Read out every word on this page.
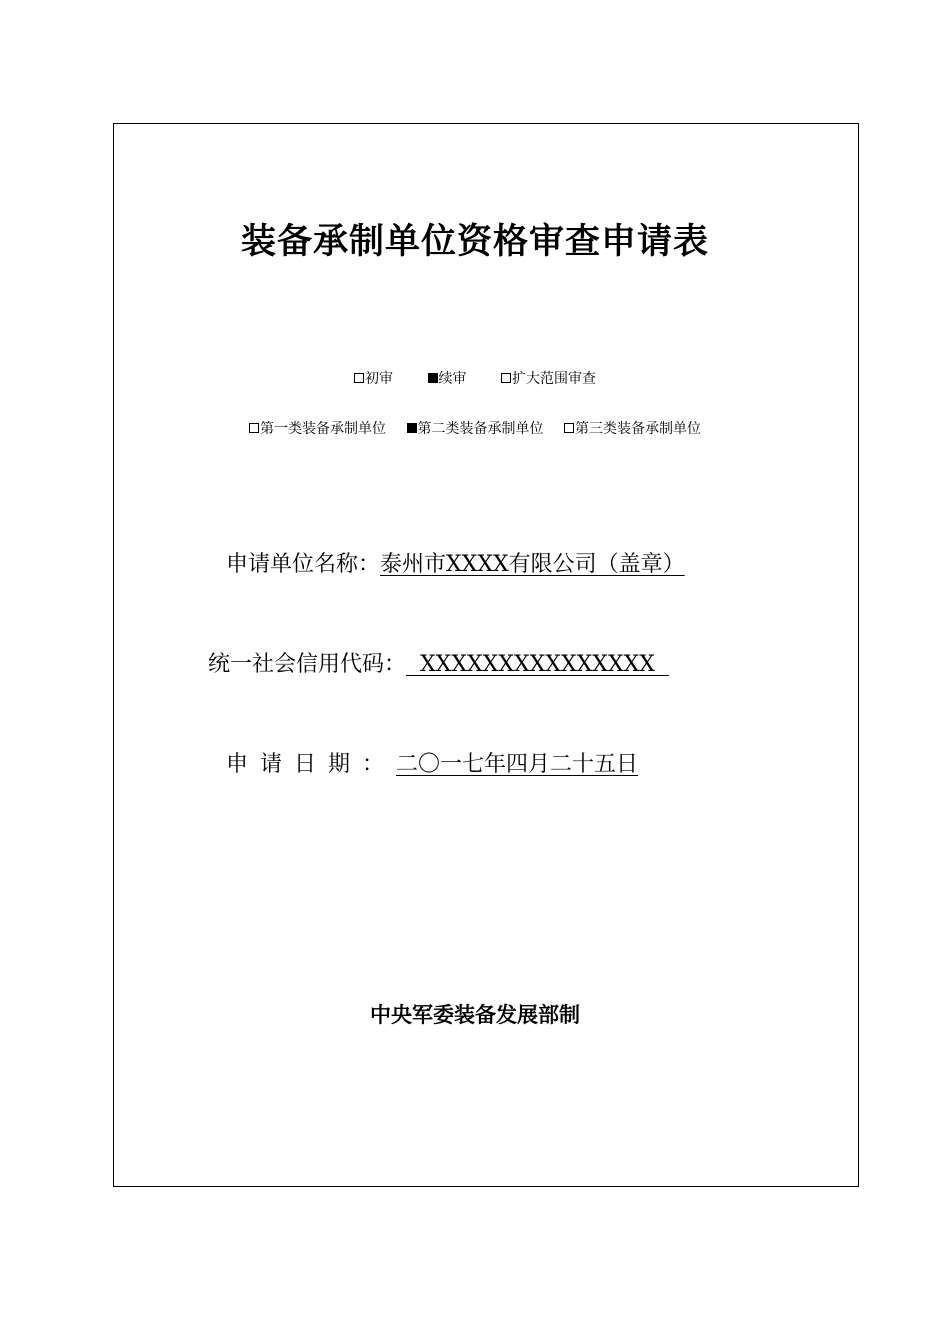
装备承制单位资格审查申请表
初审	续审	扩大范围审查
第一类装备承制单位 第二类装备承制单位 第三类装备承制单位
申请单位名称：泰州市XXXX有限公司（盖章）
统一社会信用代码：  XXXXXXXXXXXXXXX
申请日期：二〇一七年四月二十五日
中央军委装备发展部制
